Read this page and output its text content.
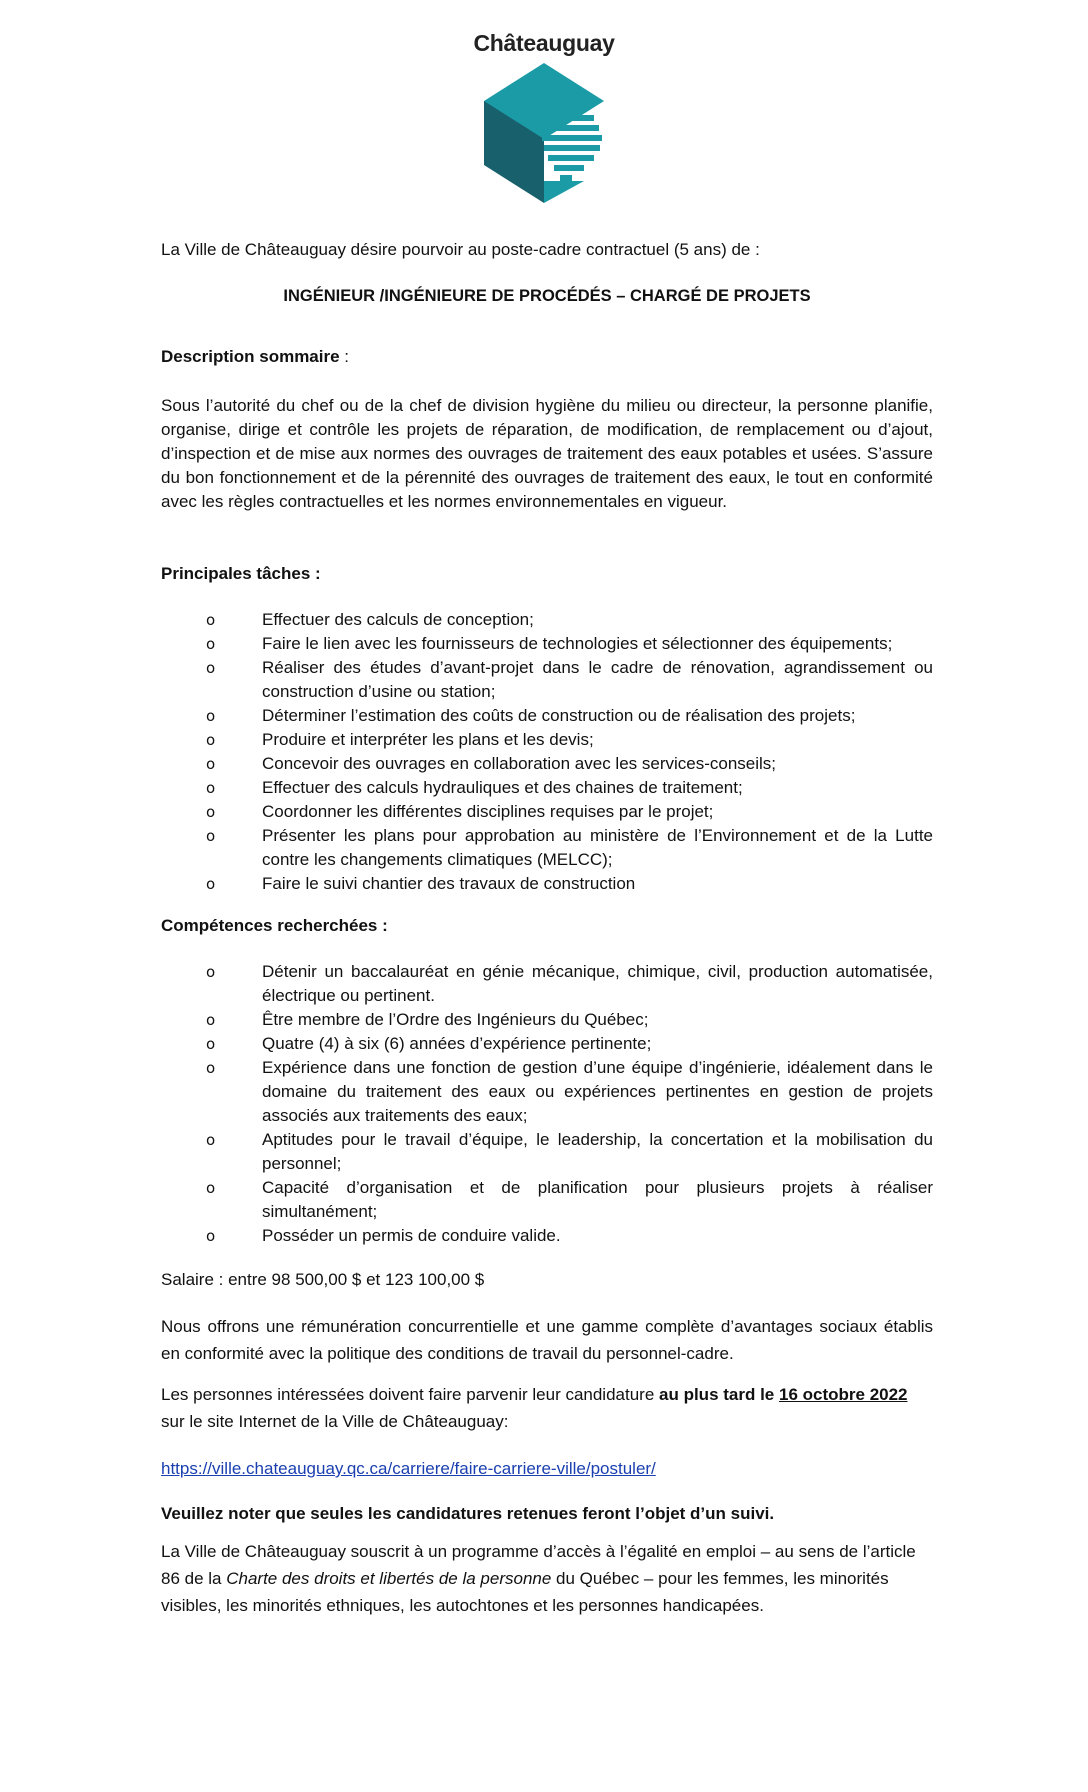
Châteauguay

La Ville de Châteauguay désire pourvoir au poste-cadre contractuel (5 ans) de :

INGÉNIEUR /INGÉNIEURE DE PROCÉDÉS – CHARGÉ DE PROJETS

Description sommaire :

Sous l’autorité du chef ou de la chef de division hygiène du milieu ou directeur, la personne planifie, organise, dirige et contrôle les projets de réparation, de modification, de remplacement ou d’ajout, d’inspection et de mise aux normes des ouvrages de traitement des eaux potables et usées. S’assure du bon fonctionnement et de la pérennité des ouvrages de traitement des eaux, le tout en conformité avec les règles contractuelles et les normes environnementales en vigueur.

Principales tâches :

o	Effectuer des calculs de conception;
o	Faire le lien avec les fournisseurs de technologies et sélectionner des équipements;
o	Réaliser des études d’avant-projet dans le cadre de rénovation, agrandissement ou construction d’usine ou station;
o	Déterminer l’estimation des coûts de construction ou de réalisation des projets;
o	Produire et interpréter les plans et les devis;
o	Concevoir des ouvrages en collaboration avec les services-conseils;
o	Effectuer des calculs hydrauliques et des chaines de traitement;
o	Coordonner les différentes disciplines requises par le projet;
o	Présenter les plans pour approbation au ministère de l’Environnement et de la Lutte contre les changements climatiques (MELCC);
o	Faire le suivi chantier des travaux de construction

Compétences recherchées :

o	Détenir un baccalauréat en génie mécanique, chimique, civil, production automatisée, électrique ou pertinent.
o	Être membre de l’Ordre des Ingénieurs du Québec;
o	Quatre (4) à six (6) années d’expérience pertinente;
o	Expérience dans une fonction de gestion d’une équipe d’ingénierie, idéalement dans le domaine du traitement des eaux ou expériences pertinentes en gestion de projets associés aux traitements des eaux;
o	Aptitudes pour le travail d’équipe, le leadership, la concertation et la mobilisation du personnel;
o	Capacité d’organisation et de planification pour plusieurs projets à réaliser simultanément;
o	Posséder un permis de conduire valide.

Salaire : entre 98 500,00 $ et 123 100,00 $

Nous offrons une rémunération concurrentielle et une gamme complète d’avantages sociaux établis en conformité avec la politique des conditions de travail du personnel-cadre.

Les personnes intéressées doivent faire parvenir leur candidature au plus tard le 16 octobre 2022 sur le site Internet de la Ville de Châteauguay:

https://ville.chateauguay.qc.ca/carriere/faire-carriere-ville/postuler/

Veuillez noter que seules les candidatures retenues feront l’objet d’un suivi.

La Ville de Châteauguay souscrit à un programme d’accès à l’égalité en emploi – au sens de l’article 86 de la Charte des droits et libertés de la personne du Québec – pour les femmes, les minorités visibles, les minorités ethniques, les autochtones et les personnes handicapées.
